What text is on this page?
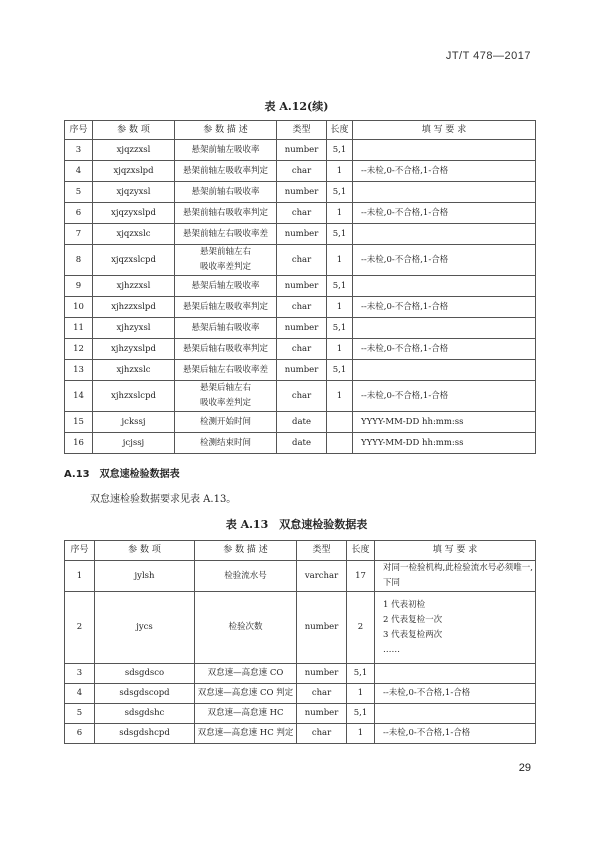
JT/T 478—2017
表 A.12(续)
序号	参 数 项	参 数 描 述	类型	长度	填 写 要 求
3	xjqzzxsl	悬架前轴左吸收率	number	5,1	
4	xjqzxslpd	悬架前轴左吸收率判定	char	1	--未检,0-不合格,1-合格
5	xjqzyxsl	悬架前轴右吸收率	number	5,1	
6	xjqzyxslpd	悬架前轴右吸收率判定	char	1	--未检,0-不合格,1-合格
7	xjqzxslc	悬架前轴左右吸收率差	number	5,1	
8	xjqzxslcpd	悬架前轴左右
吸收率差判定	char	1	--未检,0-不合格,1-合格
9	xjhzzxsl	悬架后轴左吸收率	number	5,1	
10	xjhzzxslpd	悬架后轴左吸收率判定	char	1	--未检,0-不合格,1-合格
11	xjhzyxsl	悬架后轴右吸收率	number	5,1	
12	xjhzyxslpd	悬架后轴右吸收率判定	char	1	--未检,0-不合格,1-合格
13	xjhzxslc	悬架后轴左右吸收率差	number	5,1	
14	xjhzxslcpd	悬架后轴左右
吸收率差判定	char	1	--未检,0-不合格,1-合格
15	jckssj	检测开始时间	date		YYYY-MM-DD hh:mm:ss
16	jcjssj	检测结束时间	date		YYYY-MM-DD hh:mm:ss
A.13　双怠速检验数据表
双怠速检验数据要求见表 A.13。
表 A.13　双怠速检验数据表
序号	参 数 项	参 数 描 述	类型	长度	填 写 要 求
1	jylsh	检验流水号	varchar	17	对同一检验机构,此检验流水号必须唯一,
下同

2	jycs	检验次数	number	2	1 代表初检
2 代表复检一次
3 代表复检两次
……

3	sdsgdsco	双怠速—高怠速 CO	number	5,1	
4	sdsgdscopd	双怠速—高怠速 CO 判定	char	1	--未检,0-不合格,1-合格
5	sdsgdshc	双怠速—高怠速 HC	number	5,1	
6	sdsgdshcpd	双怠速—高怠速 HC 判定	char	1	--未检,0-不合格,1-合格
29
